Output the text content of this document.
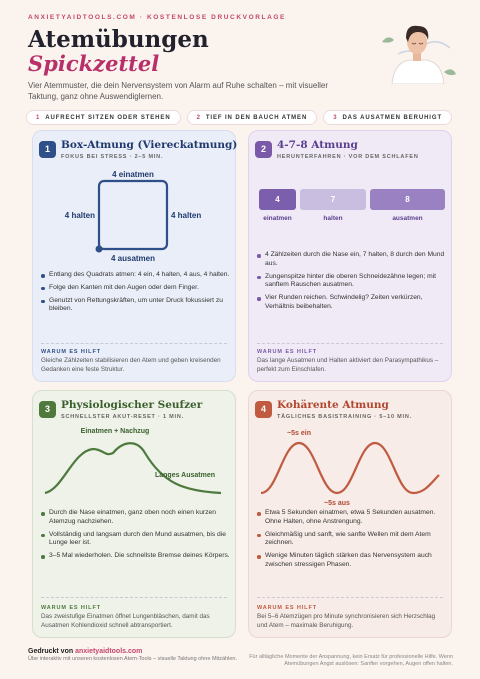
ANXIETYAIDTOOLS.COM · KOSTENLOSE DRUCKVORLAGE
Atemübungen
Spickzettel
Vier Atemmuster, die dein Nervensystem von Alarm auf Ruhe schalten – mit visueller Taktung, ganz ohne Auswendiglernen.
1 AUFRECHT SITZEN ODER STEHEN	2 TIEF IN DEN BAUCH ATMEN	3 DAS AUSATMEN BERUHIGT
1	Box-Atmung (Viereckatmung)
FOKUS BEI STRESS · 2–5 MIN.
4 einatmen
4 halten	4 halten
4 ausatmen
Entlang des Quadrats atmen: 4 ein, 4 halten, 4 aus, 4 halten.
Folge den Kanten mit den Augen oder dem Finger.
Genutzt von Rettungskräften, um unter Druck fokussiert zu bleiben.
WARUM ES HILFT
Gleiche Zählzeiten stabilisieren den Atem und geben kreisenden Gedanken eine feste Struktur.
2	4-7-8 Atmung
HERUNTERFAHREN · VOR DEM SCHLAFEN
4	7	8
einatmen	halten	ausatmen
4 Zählzeiten durch die Nase ein, 7 halten, 8 durch den Mund aus.
Zungenspitze hinter die oberen Schneidezähne legen; mit sanftem Rauschen ausatmen.
Vier Runden reichen. Schwindelig? Zeiten verkürzen, Verhältnis beibehalten.
WARUM ES HILFT
Das lange Ausatmen und Halten aktiviert den Parasympathikus – perfekt zum Einschlafen.
3	Physiologischer Seufzer
SCHNELLSTER AKUT-RESET · 1 MIN.
Einatmen + Nachzug
Langes Ausatmen
Durch die Nase einatmen, ganz oben noch einen kurzen Atemzug nachziehen.
Vollständig und langsam durch den Mund ausatmen, bis die Lunge leer ist.
3–5 Mal wiederholen. Die schnellste Bremse deines Körpers.
WARUM ES HILFT
Das zweistufige Einatmen öffnet Lungenbläschen, damit das Ausatmen Kohlendioxid schnell abtransportiert.
4	Kohärente Atmung
TÄGLICHES BASISTRAINING · 5–10 MIN.
~5s ein
~5s aus
Etwa 5 Sekunden einatmen, etwa 5 Sekunden ausatmen. Ohne Halten, ohne Anstrengung.
Gleichmäßig und sanft, wie sanfte Wellen mit dem Atem zeichnen.
Wenige Minuten täglich stärken das Nervensystem auch zwischen stressigen Phasen.
WARUM ES HILFT
Bei 5–6 Atemzügen pro Minute synchronisieren sich Herzschlag und Atem – maximale Beruhigung.
Gedruckt von anxietyaidtools.com
Übe interaktiv mit unseren kostenlosen Atem-Tools – visuelle Taktung ohne Mitzählen. Für alltägliche Momente der Anspannung, kein Ersatz für professionelle Hilfe. Wenn Atemübungen Angst auslösen: Sanfter vorgehen, Augen offen halten.
